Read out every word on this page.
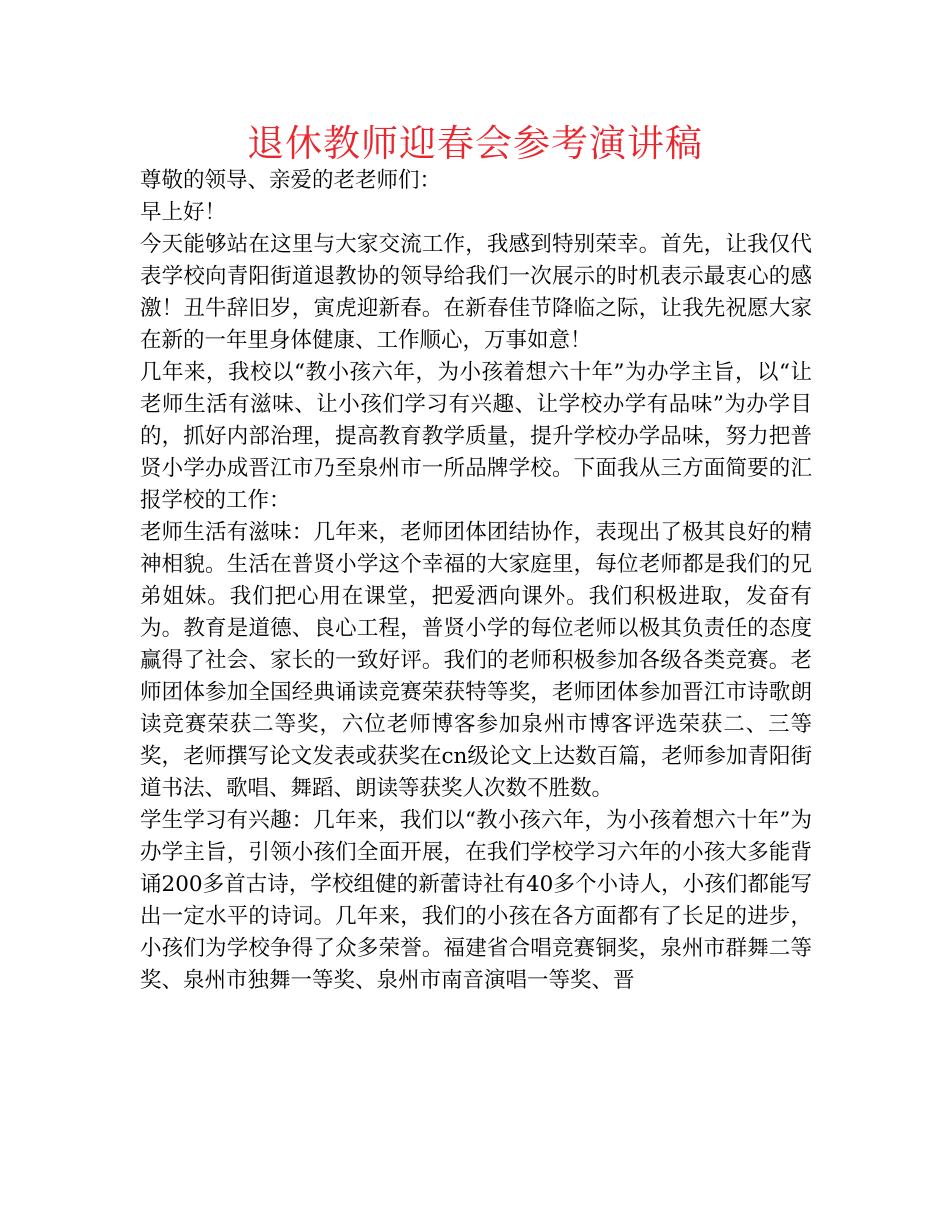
退休教师迎春会参考演讲稿

尊敬的领导、亲爱的老老师们：

早上好！

今天能够站在这里与大家交流工作，我感到特别荣幸。首先，让我仅代表学校向青阳街道退教协的领导给我们一次展示的时机表示最衷心的感激！丑牛辞旧岁，寅虎迎新春。在新春佳节降临之际，让我先祝愿大家在新的一年里身体健康、工作顺心，万事如意！

几年来，我校以“教小孩六年，为小孩着想六十年”为办学主旨，以“让老师生活有滋味、让小孩们学习有兴趣、让学校办学有品味”为办学目的，抓好内部治理，提高教育教学质量，提升学校办学品味，努力把普贤小学办成晋江市乃至泉州市一所品牌学校。下面我从三方面简要的汇报学校的工作：

老师生活有滋味：几年来，老师团体团结协作，表现出了极其良好的精神相貌。生活在普贤小学这个幸福的大家庭里，每位老师都是我们的兄弟姐妹。我们把心用在课堂，把爱洒向课外。我们积极进取，发奋有为。教育是道德、良心工程，普贤小学的每位老师以极其负责任的态度赢得了社会、家长的一致好评。我们的老师积极参加各级各类竞赛。老师团体参加全国经典诵读竞赛荣获特等奖，老师团体参加晋江市诗歌朗读竞赛荣获二等奖，六位老师博客参加泉州市博客评选荣获二、三等奖，老师撰写论文发表或获奖在cn级论文上达数百篇，老师参加青阳街道书法、歌唱、舞蹈、朗读等获奖人次数不胜数。

学生学习有兴趣：几年来，我们以“教小孩六年，为小孩着想六十年”为办学主旨，引领小孩们全面开展，在我们学校学习六年的小孩大多能背诵200多首古诗，学校组健的新蕾诗社有40多个小诗人，小孩们都能写出一定水平的诗词。几年来，我们的小孩在各方面都有了长足的进步，小孩们为学校争得了众多荣誉。福建省合唱竞赛铜奖，泉州市群舞二等奖、泉州市独舞一等奖、泉州市南音演唱一等奖、晋
